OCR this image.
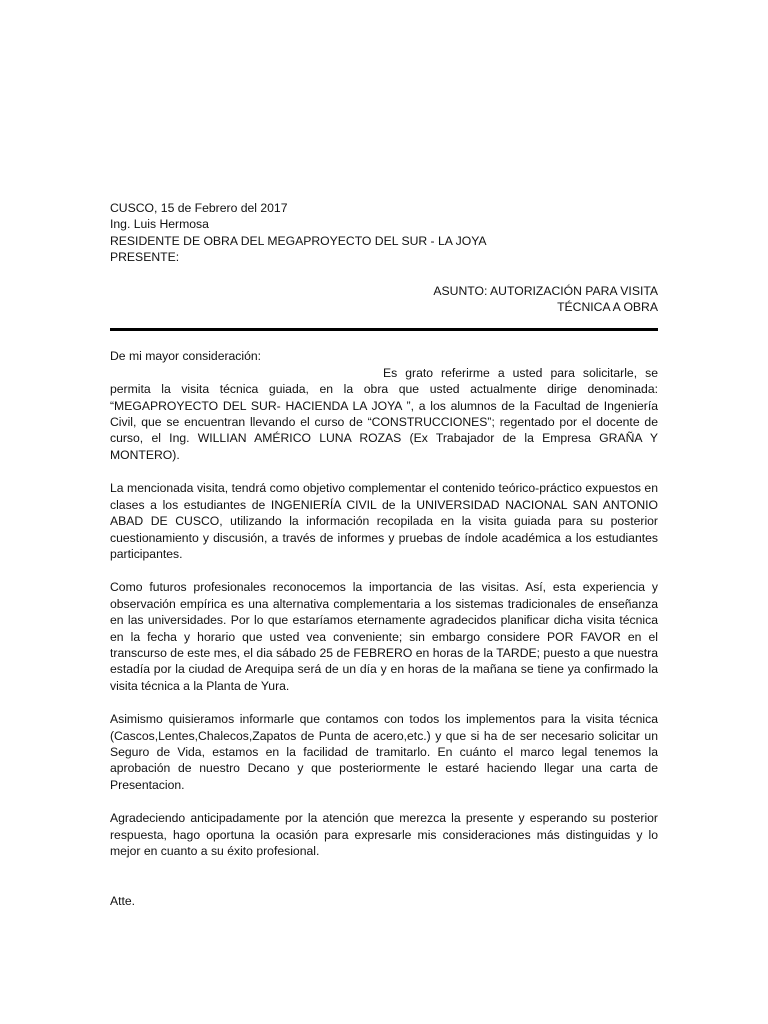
CUSCO, 15 de Febrero del 2017
Ing. Luis Hermosa
RESIDENTE DE OBRA DEL MEGAPROYECTO DEL SUR - LA JOYA
PRESENTE:
ASUNTO: AUTORIZACIÓN PARA VISITA
TÉCNICA A OBRA
De mi mayor consideración:

Es grato referirme a usted para solicitarle, se permita la visita técnica guiada, en la obra que usted actualmente dirige denominada: “MEGAPROYECTO DEL SUR- HACIENDA LA JOYA ”, a los alumnos de la Facultad de Ingeniería Civil, que se encuentran llevando el curso de “CONSTRUCCIONES”; regentado por el docente de curso, el Ing. WILLIAN AMÉRICO LUNA ROZAS (Ex Trabajador de la Empresa GRAÑA Y MONTERO).

La mencionada visita, tendrá como objetivo complementar el contenido teórico-práctico expuestos en clases a los estudiantes de INGENIERÍA CIVIL de la UNIVERSIDAD NACIONAL SAN ANTONIO ABAD DE CUSCO, utilizando la información recopilada en la visita guiada para su posterior cuestionamiento y discusión, a través de informes y pruebas de índole académica a los estudiantes participantes.

Como futuros profesionales reconocemos la importancia de las visitas. Así, esta experiencia y observación empírica es una alternativa complementaria a los sistemas tradicionales de enseñanza en las universidades. Por lo que estaríamos eternamente agradecidos planificar dicha visita técnica en la fecha y horario que usted vea conveniente; sin embargo considere POR FAVOR en el transcurso de este mes, el dia sábado 25 de FEBRERO en horas de la TARDE; puesto a que nuestra estadía por la ciudad de Arequipa será de un día y en horas de la mañana se tiene ya confirmado la visita técnica a la Planta de Yura.

Asimismo quisieramos informarle que contamos con todos los implementos para la visita técnica (Cascos,Lentes,Chalecos,Zapatos de Punta de acero,etc.) y que si ha de ser necesario solicitar un Seguro de Vida, estamos en la facilidad de tramitarlo. En cuánto el marco legal tenemos la aprobación de nuestro Decano y que posteriormente le estaré haciendo llegar una carta de Presentacion.

Agradeciendo anticipadamente por la atención que merezca la presente y esperando su posterior respuesta, hago oportuna la ocasión para expresarle mis consideraciones más distinguidas y lo mejor en cuanto a su éxito profesional.

Atte.
